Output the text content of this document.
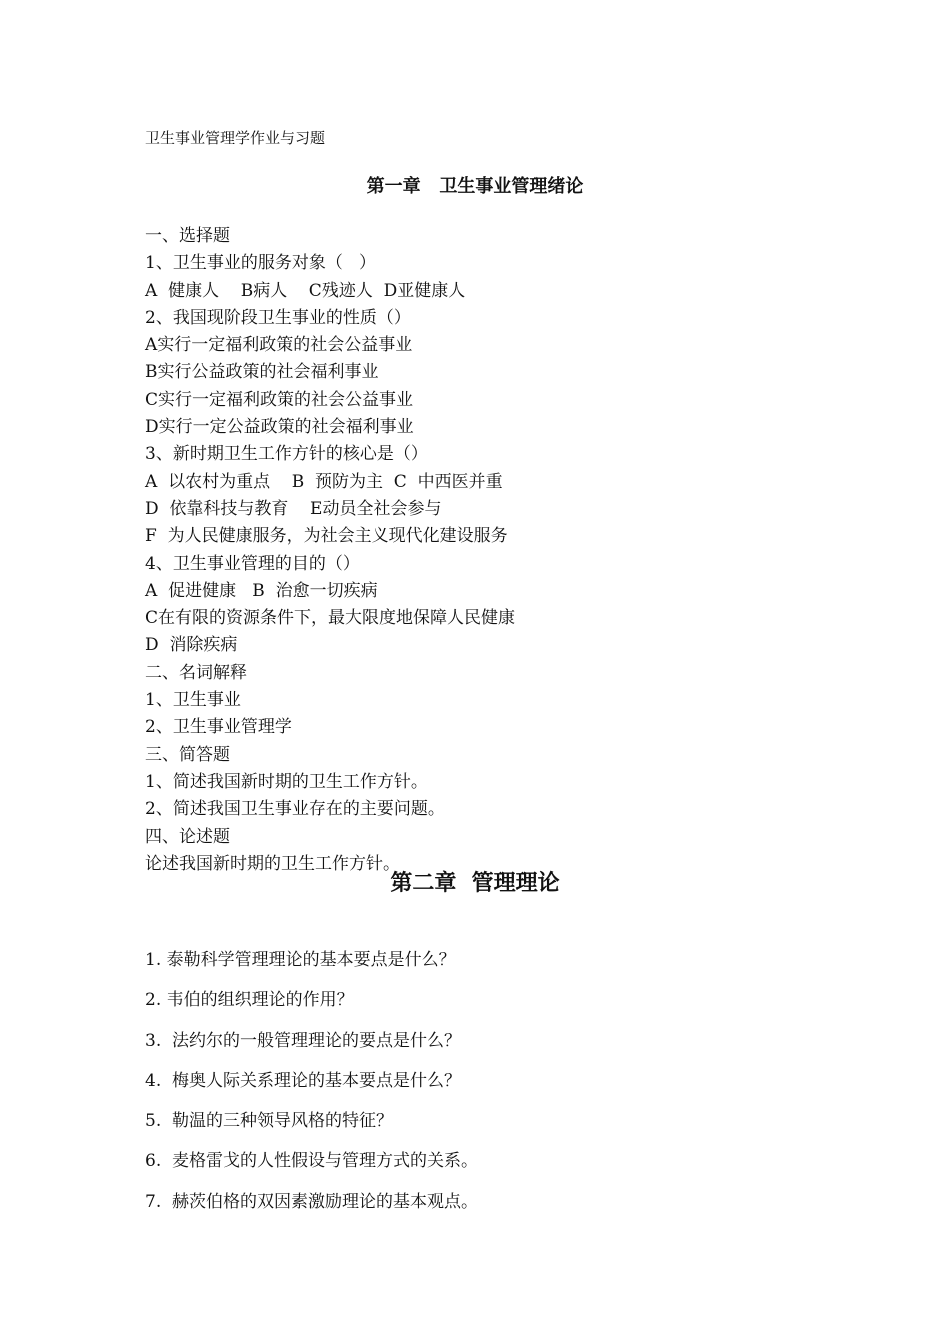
卫生事业管理学作业与习题
第一章   卫生事业管理绪论
一、选择题
1、卫生事业的服务对象（   ）
A  健康人    B病人    C残迹人  D亚健康人
2、我国现阶段卫生事业的性质（）
A实行一定福利政策的社会公益事业
B实行公益政策的社会福利事业
C实行一定福利政策的社会公益事业
D实行一定公益政策的社会福利事业
3、新时期卫生工作方针的核心是（）
A  以农村为重点    B  预防为主  C  中西医并重
D  依靠科技与教育    E动员全社会参与
F  为人民健康服务，为社会主义现代化建设服务
4、卫生事业管理的目的（）
A  促进健康   B  治愈一切疾病
C在有限的资源条件下，最大限度地保障人民健康
D  消除疾病
二、名词解释
1、卫生事业
2、卫生事业管理学
三、简答题
1、简述我国新时期的卫生工作方针。
2、简述我国卫生事业存在的主要问题。
四、论述题
论述我国新时期的卫生工作方针。
第二章  管理理论
1. 泰勒科学管理理论的基本要点是什么？
2. 韦伯的组织理论的作用？
3.  法约尔的一般管理理论的要点是什么？
4.  梅奥人际关系理论的基本要点是什么？
5.  勒温的三种领导风格的特征？
6.  麦格雷戈的人性假设与管理方式的关系。
7.  赫茨伯格的双因素激励理论的基本观点。
